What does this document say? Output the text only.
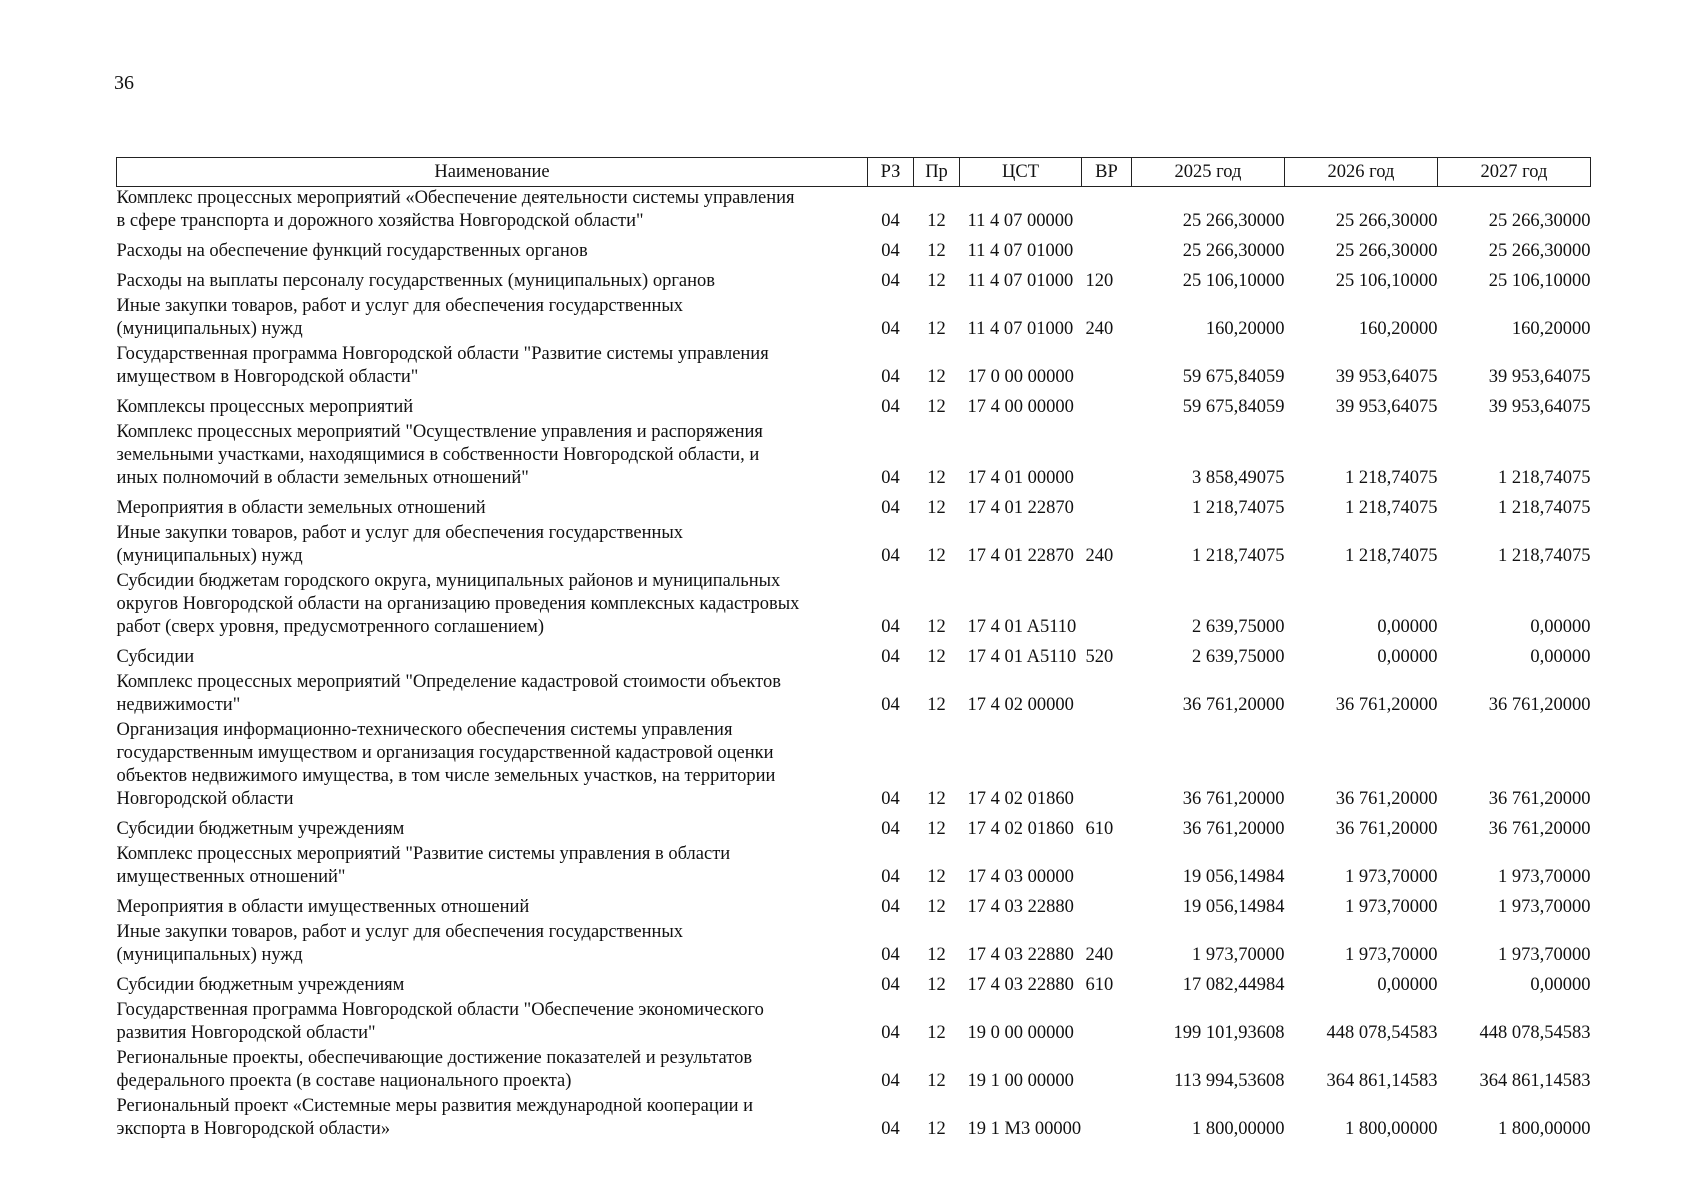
36
Наименование	РЗ	Пр	ЦСТ	ВР	2025 год	2026 год	2027 год

Комплекс процессных мероприятий «Обеспечение деятельности системы управления
в сфере транспорта и дорожного хозяйства Новгородской области"	04	12	11 4 07 00000		25 266,30000	25 266,30000	25 266,30000

Расходы на обеспечение функций государственных органов	04	12	11 4 07 01000		25 266,30000	25 266,30000	25 266,30000

Расходы на выплаты персоналу государственных (муниципальных) органов	04	12	11 4 07 01000	120	25 106,10000	25 106,10000	25 106,10000

Иные закупки товаров, работ и услуг для обеспечения государственных
(муниципальных) нужд	04	12	11 4 07 01000	240	160,20000	160,20000	160,20000

Государственная программа Новгородской области "Развитие системы управления
имуществом в Новгородской области"	04	12	17 0 00 00000		59 675,84059	39 953,64075	39 953,64075

Комплексы процессных мероприятий	04	12	17 4 00 00000		59 675,84059	39 953,64075	39 953,64075

Комплекс процессных мероприятий "Осуществление управления и распоряжения
земельными участками, находящимися в собственности Новгородской области, и
иных полномочий в области земельных отношений"	04	12	17 4 01 00000		3 858,49075	1 218,74075	1 218,74075

Мероприятия в области земельных отношений	04	12	17 4 01 22870		1 218,74075	1 218,74075	1 218,74075

Иные закупки товаров, работ и услуг для обеспечения государственных
(муниципальных) нужд	04	12	17 4 01 22870	240	1 218,74075	1 218,74075	1 218,74075

Субсидии бюджетам городского округа, муниципальных районов и муниципальных
округов Новгородской области на организацию проведения комплексных кадастровых
работ (сверх уровня, предусмотренного соглашением)	04	12	17 4 01 A5110		2 639,75000	0,00000	0,00000

Субсидии	04	12	17 4 01 A5110	520	2 639,75000	0,00000	0,00000

Комплекс процессных мероприятий "Определение кадастровой стоимости объектов
недвижимости"	04	12	17 4 02 00000		36 761,20000	36 761,20000	36 761,20000

Организация информационно-технического обеспечения системы управления
государственным имуществом и организация государственной кадастровой оценки
объектов недвижимого имущества, в том числе земельных участков, на территории
Новгородской области	04	12	17 4 02 01860		36 761,20000	36 761,20000	36 761,20000

Субсидии бюджетным учреждениям	04	12	17 4 02 01860	610	36 761,20000	36 761,20000	36 761,20000

Комплекс процессных мероприятий "Развитие системы управления в области
имущественных отношений"	04	12	17 4 03 00000		19 056,14984	1 973,70000	1 973,70000

Мероприятия в области имущественных отношений	04	12	17 4 03 22880		19 056,14984	1 973,70000	1 973,70000

Иные закупки товаров, работ и услуг для обеспечения государственных
(муниципальных) нужд	04	12	17 4 03 22880	240	1 973,70000	1 973,70000	1 973,70000

Субсидии бюджетным учреждениям	04	12	17 4 03 22880	610	17 082,44984	0,00000	0,00000

Государственная программа Новгородской области "Обеспечение экономического
развития Новгородской области"	04	12	19 0 00 00000		199 101,93608	448 078,54583	448 078,54583

Региональные проекты, обеспечивающие достижение показателей и результатов
федерального проекта (в составе национального проекта)	04	12	19 1 00 00000		113 994,53608	364 861,14583	364 861,14583

Региональный проект «Системные меры развития международной кооперации и
экспорта в Новгородской области»	04	12	19 1 M3 00000		1 800,00000	1 800,00000	1 800,00000
